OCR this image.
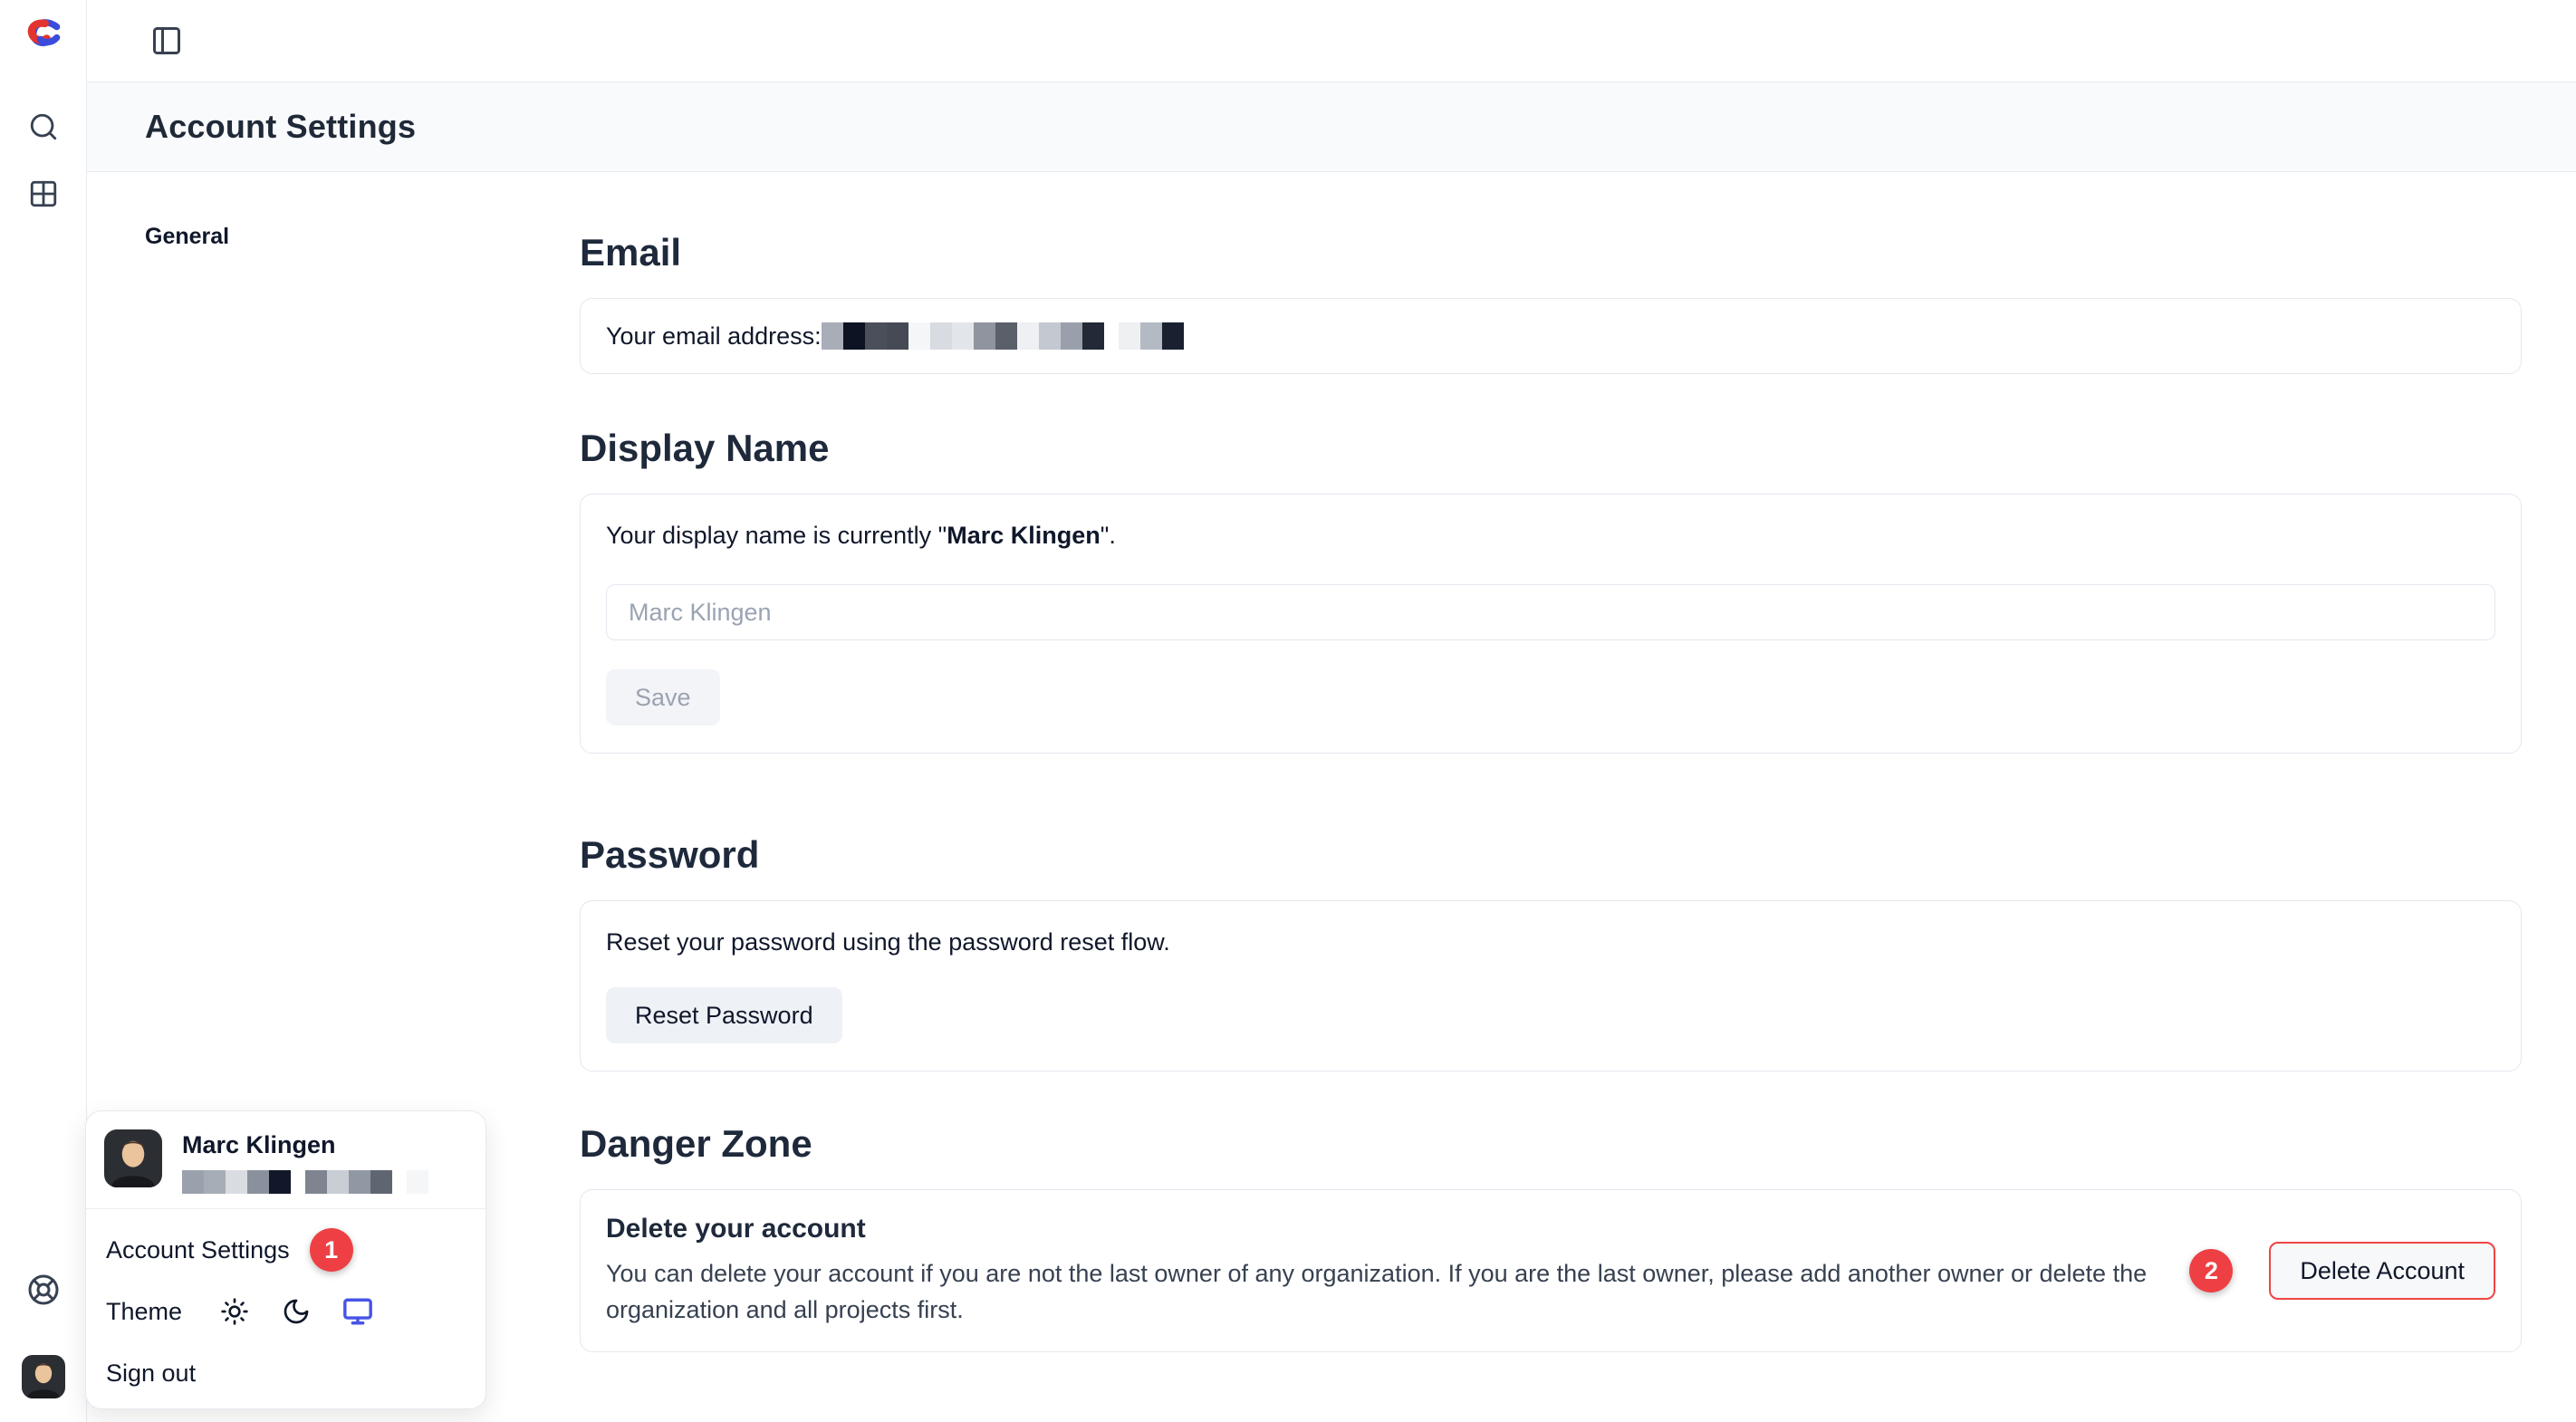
Account Settings
General	Email
Your email address:
Display Name

Your display name is currently "Marc Klingen".

Marc Klingen Save
Password

Reset your password using the password reset flow.

Reset Password
Danger Zone
Delete your account
You can delete your account if you are not the last owner of any organization. If you are the last owner, please add another owner or delete the organization and all projects first.
2	Delete Account
Marc Klingen
Account Settings	1
Theme
Sign out
